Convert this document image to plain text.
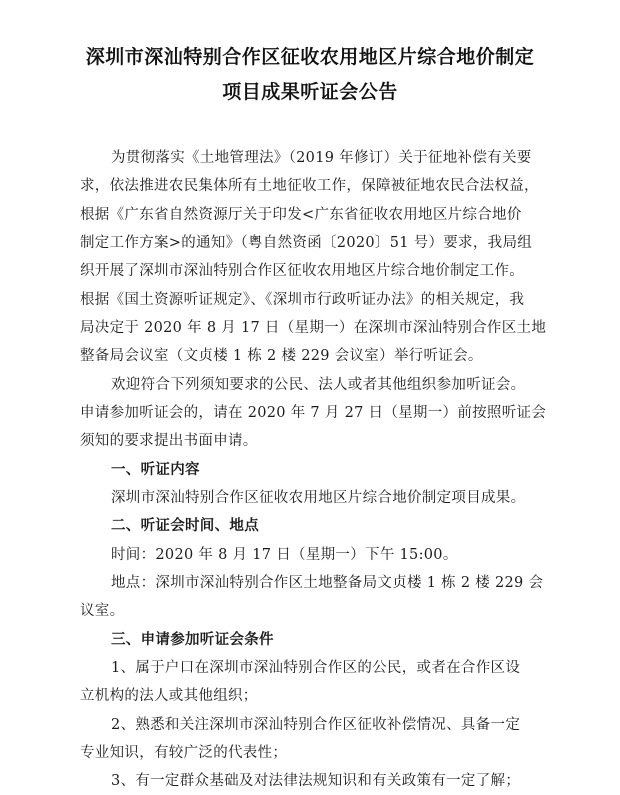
深圳市深汕特别合作区征收农用地区片综合地价制定
项目成果听证会公告
为贯彻落实《土地管理法》（2019 年修订）关于征地补偿有关要
求，依法推进农民集体所有土地征收工作，保障被征地农民合法权益，
根据《广东省自然资源厅关于印发<广东省征收农用地区片综合地价
制定工作方案>的通知》（粤自然资函〔2020〕51 号）要求，我局组
织开展了深圳市深汕特别合作区征收农用地区片综合地价制定工作。
根据《国土资源听证规定》、《深圳市行政听证办法》的相关规定，我
局决定于 2020 年 8 月 17 日（星期一）在深圳市深汕特别合作区土地
整备局会议室（文贞楼 1 栋 2 楼 229 会议室）举行听证会。
欢迎符合下列须知要求的公民、法人或者其他组织参加听证会。
申请参加听证会的，请在 2020 年 7 月 27 日（星期一）前按照听证会
须知的要求提出书面申请。
一、听证内容
深圳市深汕特别合作区征收农用地区片综合地价制定项目成果。
二、听证会时间、地点
时间：2020 年 8 月 17 日（星期一）下午 15:00。
地点：深圳市深汕特别合作区土地整备局文贞楼 1 栋 2 楼 229 会
议室。
三、申请参加听证会条件
1、属于户口在深圳市深汕特别合作区的公民，或者在合作区设
立机构的法人或其他组织；
2、熟悉和关注深圳市深汕特别合作区征收补偿情况、具备一定
专业知识，有较广泛的代表性；
3、有一定群众基础及对法律法规知识和有关政策有一定了解；
